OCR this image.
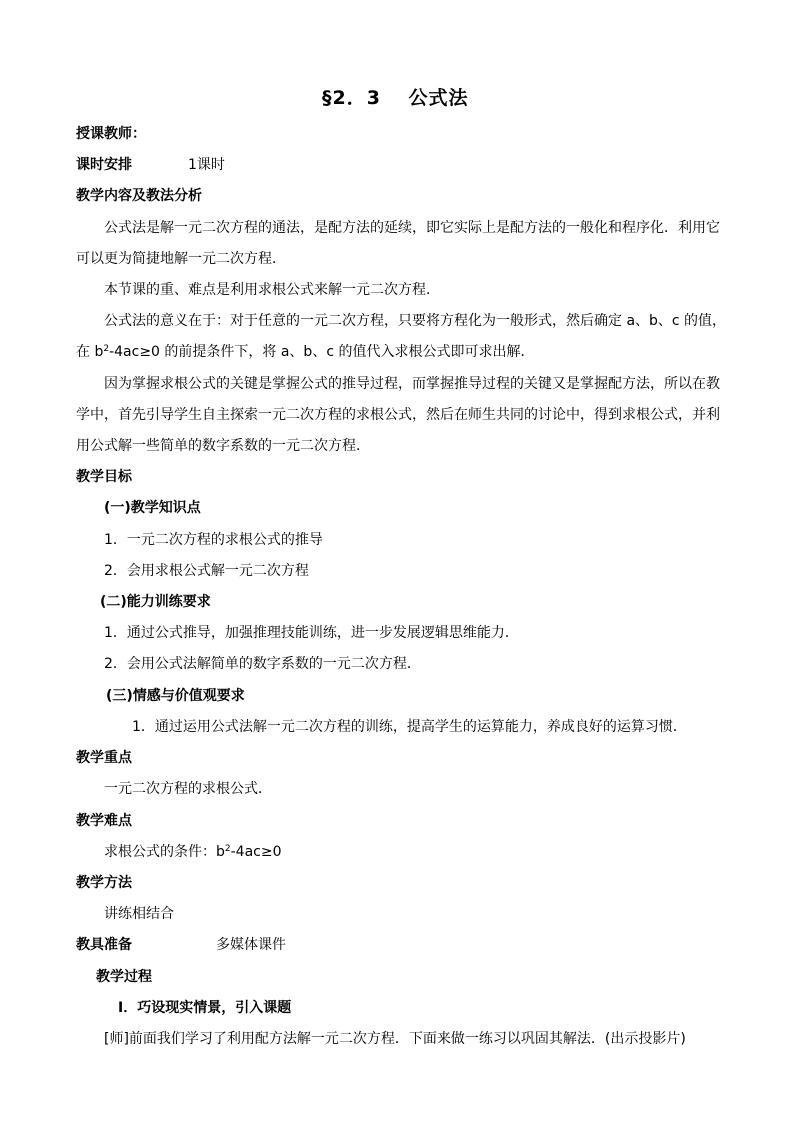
§2．3　 公式法
授课教师：
课时安排	1课时
教学内容及教法分析
公式法是解一元二次方程的通法，是配方法的延续，即它实际上是配方法的一般化和程序化．利用它
可以更为简捷地解一元二次方程．
本节课的重、难点是利用求根公式来解一元二次方程．
公式法的意义在于：对于任意的一元二次方程，只要将方程化为一般形式，然后确定 a、b、c 的值，
在 $b^2-4ac\ge 0$ 的前提条件下，将 a、b、c 的值代入求根公式即可求出解．
因为掌握求根公式的关键是掌握公式的推导过程，而掌握推导过程的关键又是掌握配方法，所以在教
学中，首先引导学生自主探索一元二次方程的求根公式，然后在师生共同的讨论中，得到求根公式，并利
用公式解一些简单的数字系数的一元二次方程．
教学目标
(一)教学知识点
1．一元二次方程的求根公式的推导
2．会用求根公式解一元二次方程
(二)能力训练要求
1．通过公式推导，加强推理技能训练，进一步发展逻辑思维能力．
2．会用公式法解简单的数字系数的一元二次方程．
(三)情感与价值观要求
1．通过运用公式法解一元二次方程的训练，提高学生的运算能力，养成良好的运算习惯．
教学重点
一元二次方程的求根公式．
教学难点
求根公式的条件：$b^2-4ac\ge 0$
教学方法
讲练相结合
教具准备	多媒体课件
教学过程
Ⅰ．巧设现实情景，引入课题
[师]前面我们学习了利用配方法解一元二次方程．下面来做一练习以巩固其解法．(出示投影片)
